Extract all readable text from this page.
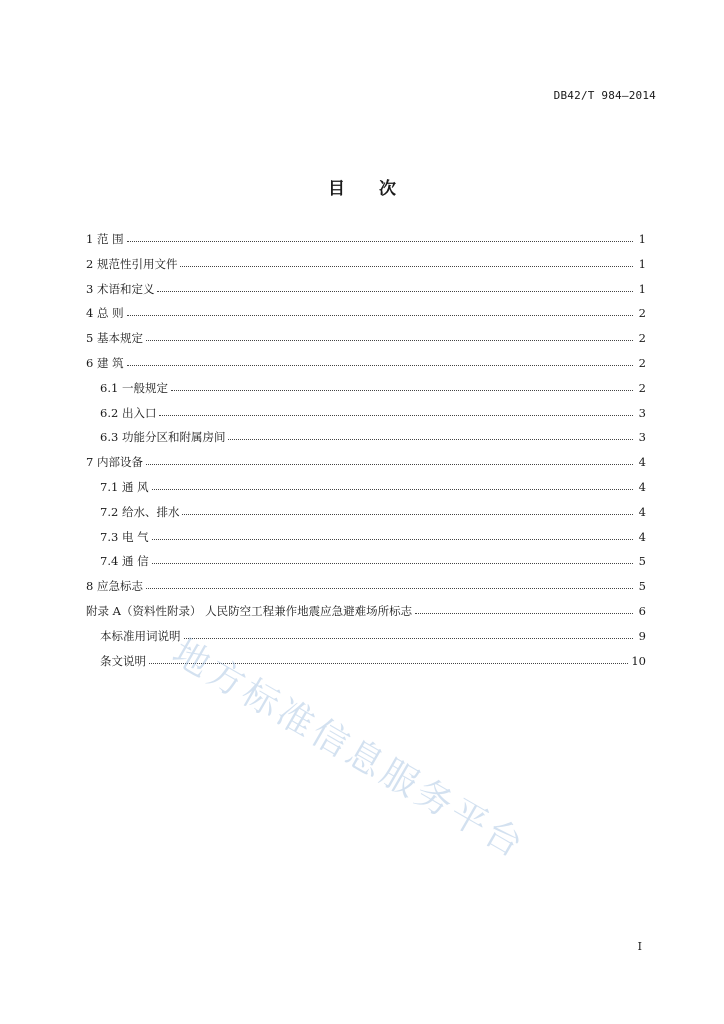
DB42/T 984—2014
目 次
1 范 围	1
2 规范性引用文件	1
3 术语和定义	1
4 总 则	2
5 基本规定	2
6 建 筑	2
6.1 一般规定	2
6.2 出入口	3
6.3 功能分区和附属房间	3
7 内部设备	4
7.1 通 风	4
7.2 给水、排水	4
7.3 电 气	4
7.4 通 信	5
8 应急标志	5
附录 A（资料性附录） 人民防空工程兼作地震应急避难场所标志	6
本标准用词说明	9
条文说明	10
地方标准信息服务平台
I
